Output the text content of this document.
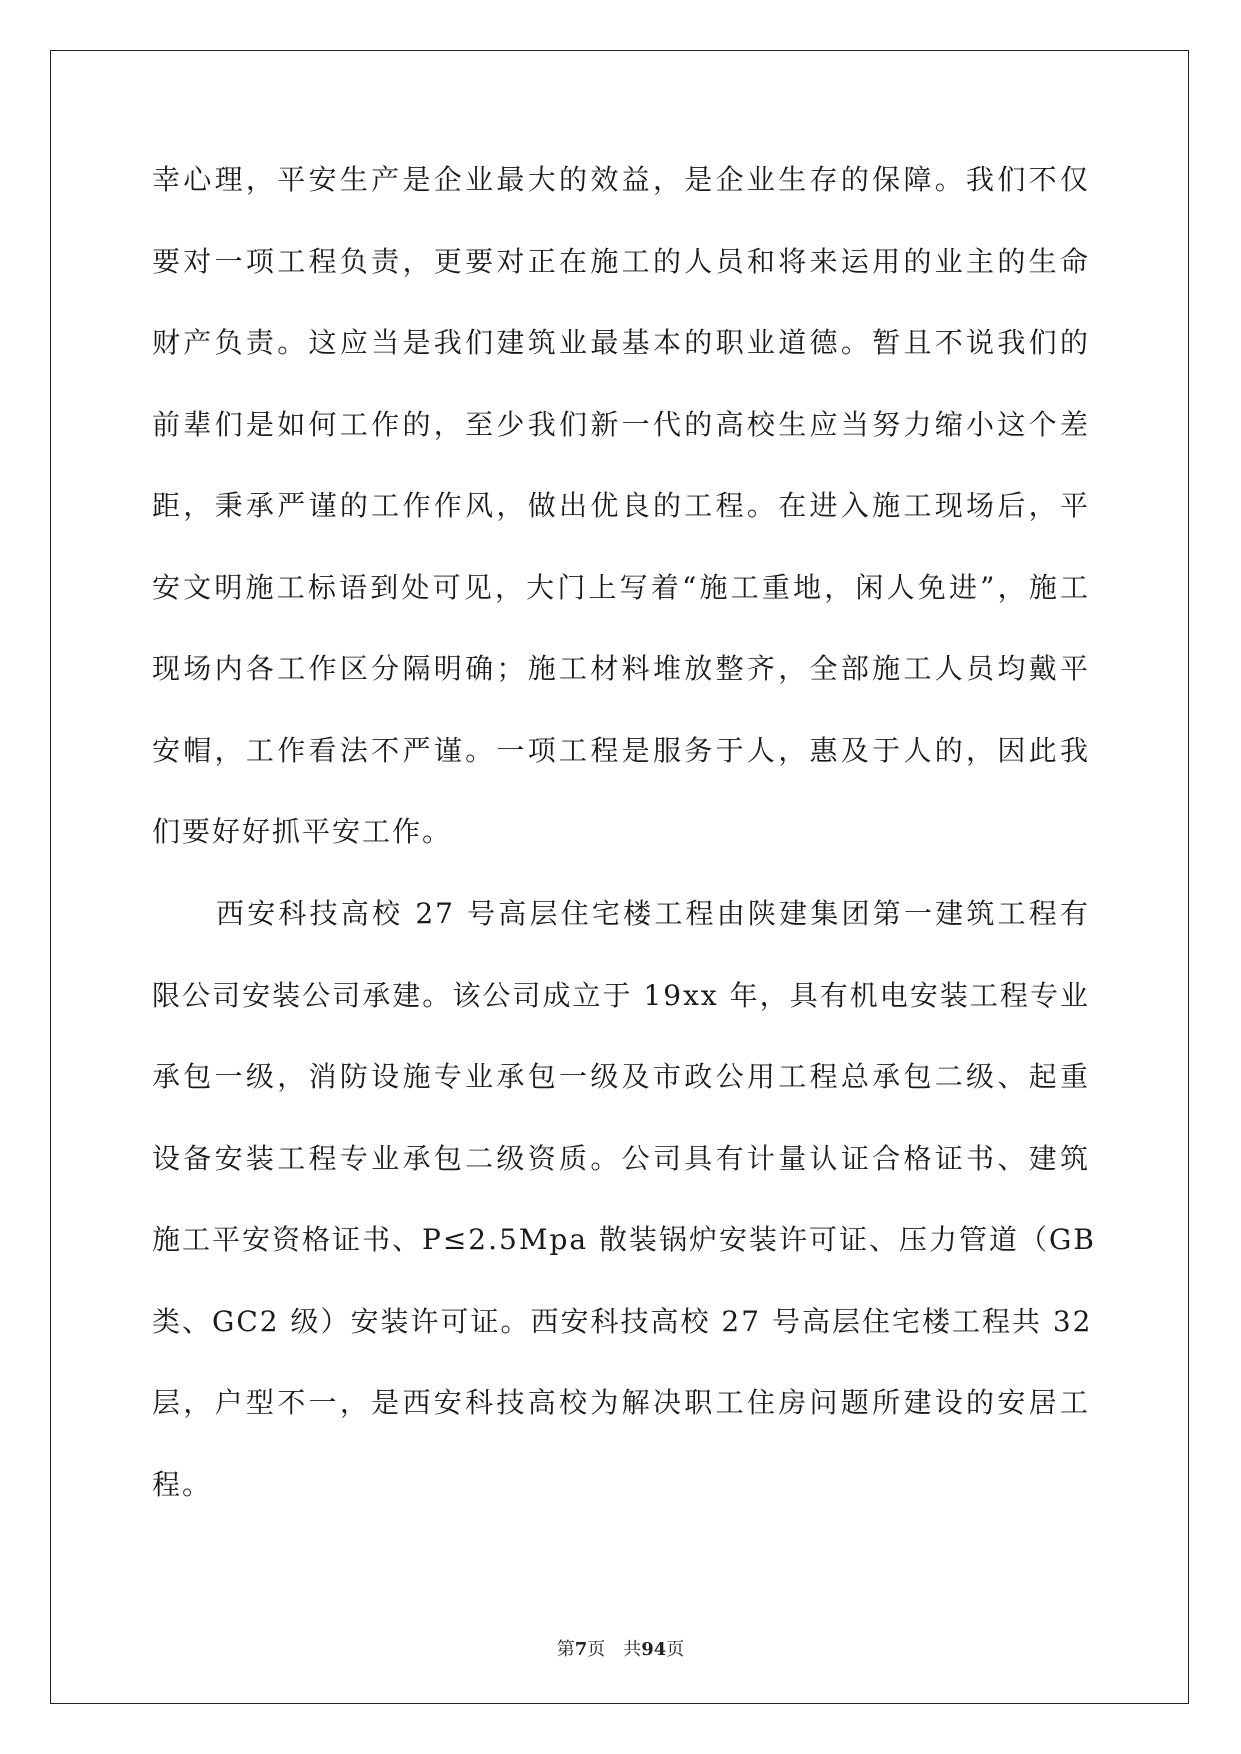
幸心理，平安生产是企业最大的效益，是企业生存的保障。我们不仅
要对一项工程负责，更要对正在施工的人员和将来运用的业主的生命
财产负责。这应当是我们建筑业最基本的职业道德。暂且不说我们的
前辈们是如何工作的，至少我们新一代的高校生应当努力缩小这个差
距，秉承严谨的工作作风，做出优良的工程。在进入施工现场后，平
安文明施工标语到处可见，大门上写着“施工重地，闲人免进”，施工
现场内各工作区分隔明确；施工材料堆放整齐，全部施工人员均戴平
安帽，工作看法不严谨。一项工程是服务于人，惠及于人的，因此我
们要好好抓平安工作。
西安科技高校 27 号高层住宅楼工程由陕建集团第一建筑工程有
限公司安装公司承建。该公司成立于 19xx 年，具有机电安装工程专业
承包一级，消防设施专业承包一级及市政公用工程总承包二级、起重
设备安装工程专业承包二级资质。公司具有计量认证合格证书、建筑
施工平安资格证书、P≤2.5Mpa 散装锅炉安装许可证、压力管道（GB
类、GC2 级）安装许可证。西安科技高校 27 号高层住宅楼工程共 32
层，户型不一，是西安科技高校为解决职工住房问题所建设的安居工
程。
第7页 共94页
